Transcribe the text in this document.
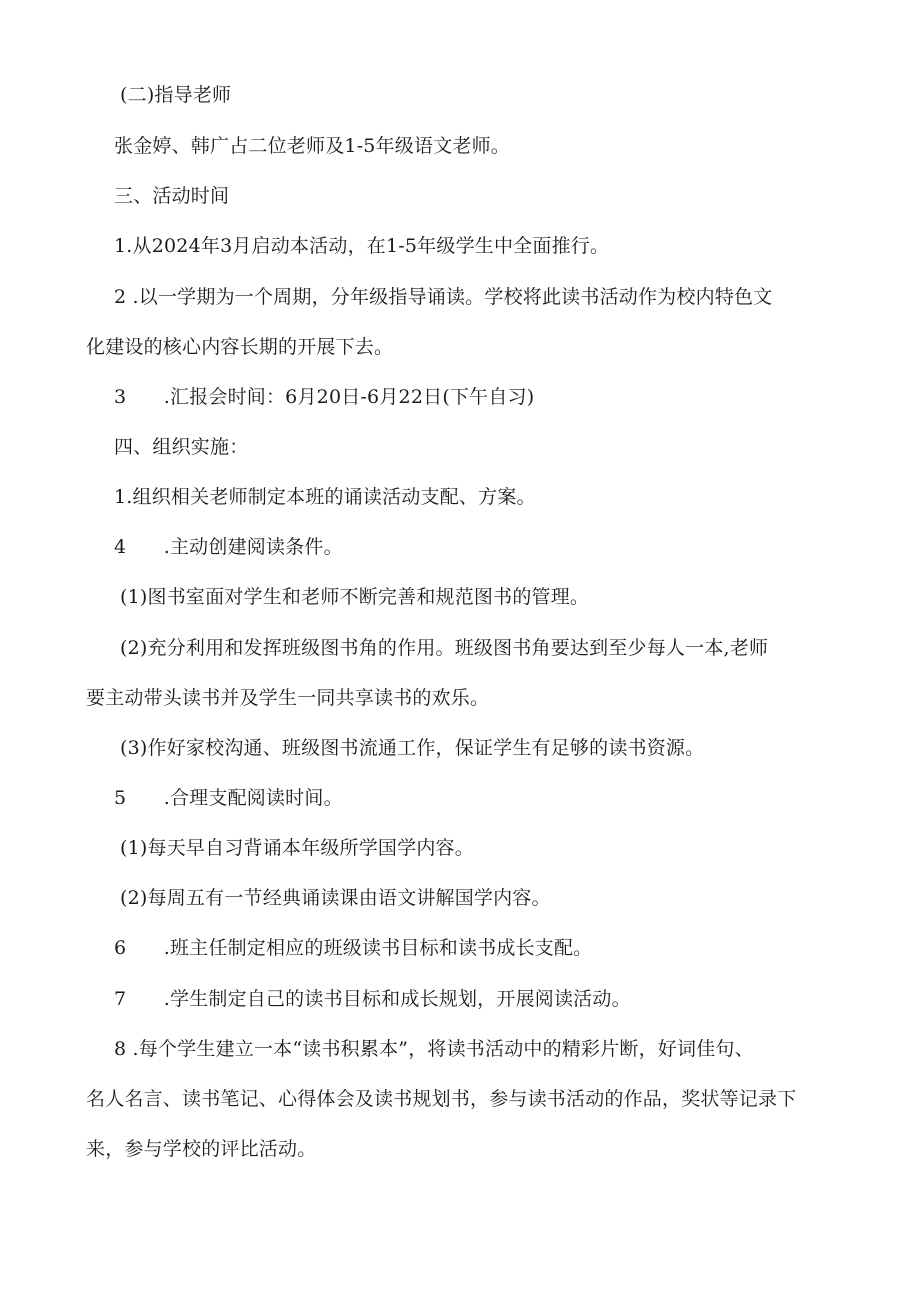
(二)指导老师
张金婷、韩广占二位老师及1-5年级语文老师。
三、活动时间
1.从2024年3月启动本活动，在1-5年级学生中全面推行。
2 .以一学期为一个周期，分年级指导诵读。学校将此读书活动作为校内特色文
化建设的核心内容长期的开展下去。
3      .汇报会时间：6月20日-6月22日(下午自习)
四、组织实施：
1.组织相关老师制定本班的诵读活动支配、方案。
4      .主动创建阅读条件。
(1)图书室面对学生和老师不断完善和规范图书的管理。
(2)充分利用和发挥班级图书角的作用。班级图书角要达到至少每人一本,老师
要主动带头读书并及学生一同共享读书的欢乐。
(3)作好家校沟通、班级图书流通工作，保证学生有足够的读书资源。
5      .合理支配阅读时间。
(1)每天早自习背诵本年级所学国学内容。
(2)每周五有一节经典诵读课由语文讲解国学内容。
6      .班主任制定相应的班级读书目标和读书成长支配。
7      .学生制定自己的读书目标和成长规划，开展阅读活动。
8 .每个学生建立一本“读书积累本”，将读书活动中的精彩片断，好词佳句、
名人名言、读书笔记、心得体会及读书规划书，参与读书活动的作品，奖状等记录下
来，参与学校的评比活动。
